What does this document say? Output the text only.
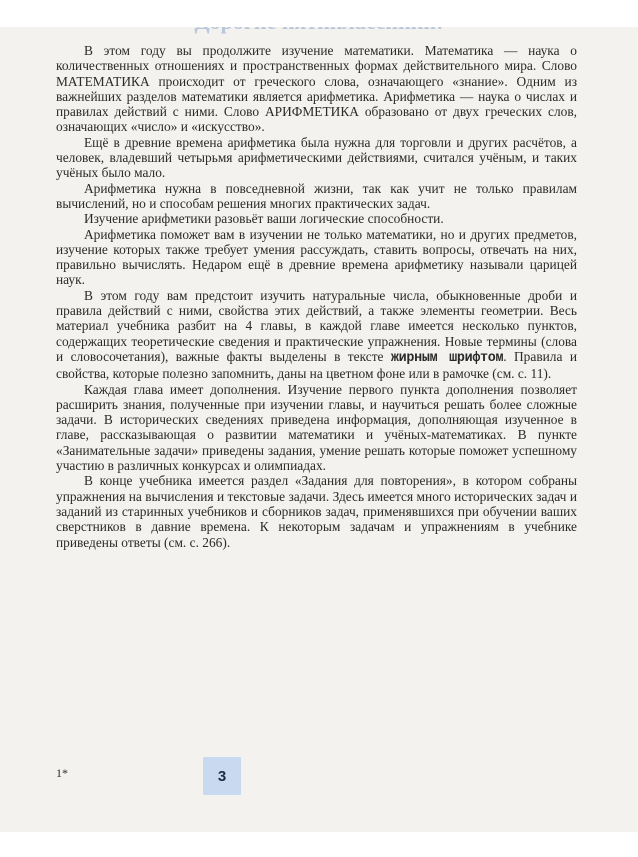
В этом году вы продолжите изучение математики. Математика — наука о количественных отношениях и пространственных формах действительного мира. Слово МАТЕМАТИКА происходит от греческого слова, означающего «знание». Одним из важнейших разделов математики является арифметика. Арифметика — наука о числах и правилах действий с ними. Слово АРИФМЕТИКА образовано от двух греческих слов, означающих «число» и «искусство».

Ещё в древние времена арифметика была нужна для торговли и других расчётов, а человек, владевший четырьмя арифметическими действиями, считался учёным, и таких учёных было мало.

Арифметика нужна в повседневной жизни, так как учит не только правилам вычислений, но и способам решения многих практических задач.

Изучение арифметики разовьёт ваши логические способности.

Арифметика поможет вам в изучении не только математики, но и других предметов, изучение которых также требует умения рассуждать, ставить вопросы, отвечать на них, правильно вычислять. Недаром ещё в древние времена арифметику называли царицей наук.

В этом году вам предстоит изучить натуральные числа, обыкновенные дроби и правила действий с ними, свойства этих действий, а также элементы геометрии. Весь материал учебника разбит на 4 главы, в каждой главе имеется несколько пунктов, содержащих теоретические сведения и практические упражнения. Новые термины (слова и словосочетания), важные факты выделены в тексте жирным шрифтом. Правила и свойства, которые полезно запомнить, даны на цветном фоне или в рамочке (см. с. 11).

Каждая глава имеет дополнения. Изучение первого пункта дополнения позволяет расширить знания, полученные при изучении главы, и научиться решать более сложные задачи. В исторических сведениях приведена информация, дополняющая изученное в главе, рассказывающая о развитии математики и учёных-математиках. В пункте «Занимательные задачи» приведены задания, умение решать которые поможет успешному участию в различных конкурсах и олимпиадах.

В конце учебника имеется раздел «Задания для повторения», в котором собраны упражнения на вычисления и текстовые задачи. Здесь имеется много исторических задач и заданий из старинных учебников и сборников задач, применявшихся при обучении ваших сверстников в давние времена. К некоторым задачам и упражнениям в учебнике приведены ответы (см. с. 266).

1*	3
